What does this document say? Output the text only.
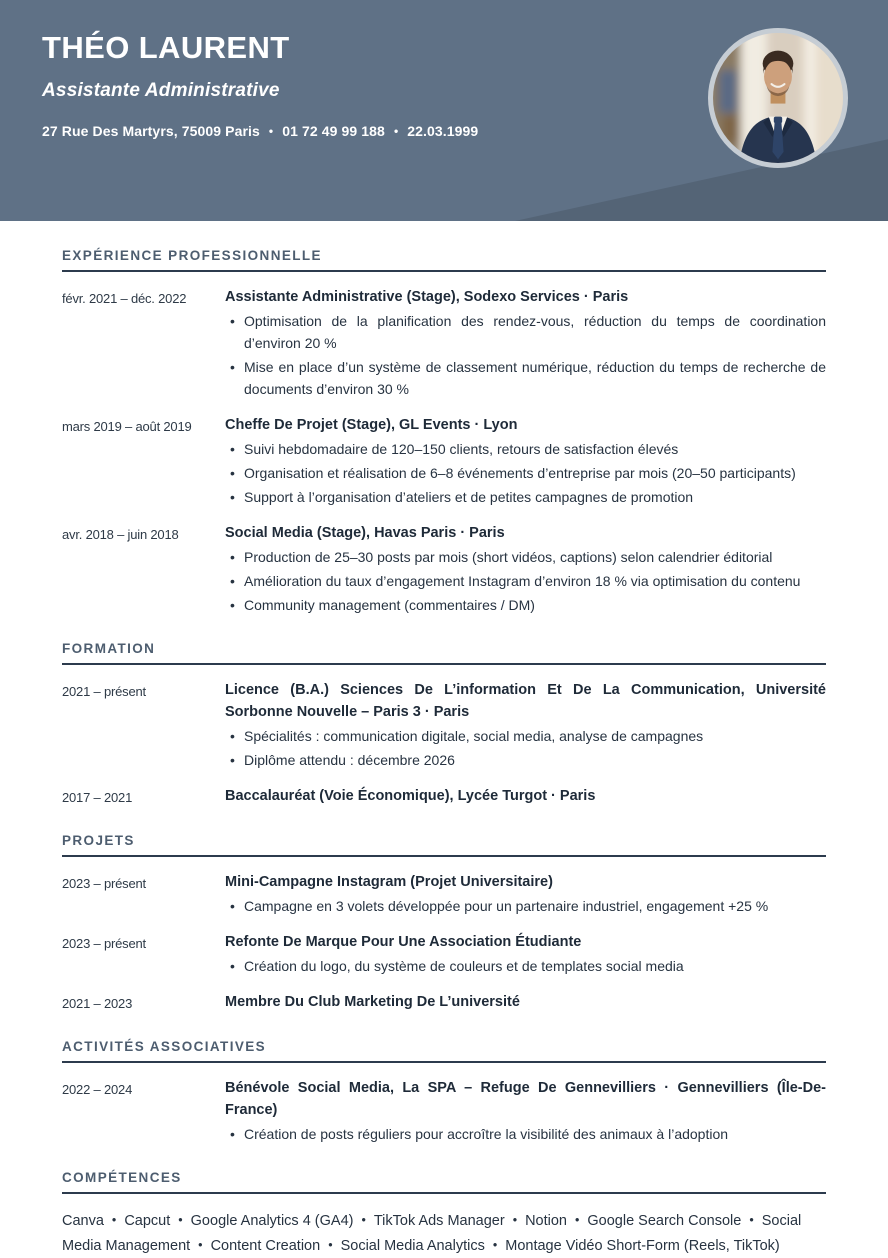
THÉO LAURENT
Assistante Administrative
27 Rue Des Martyrs, 75009 Paris • 01 72 49 99 188 • 22.03.1999
EXPÉRIENCE PROFESSIONNELLE
févr. 2021 – déc. 2022	Assistante Administrative (Stage), Sodexo Services · Paris
• Optimisation de la planification des rendez-vous, réduction du temps de coordination d’environ 20 %
• Mise en place d’un système de classement numérique, réduction du temps de recherche de documents d’environ 30 %
mars 2019 – août 2019	Cheffe De Projet (Stage), GL Events · Lyon
• Suivi hebdomadaire de 120–150 clients, retours de satisfaction élevés
• Organisation et réalisation de 6–8 événements d’entreprise par mois (20–50 participants)
• Support à l’organisation d’ateliers et de petites campagnes de promotion
avr. 2018 – juin 2018	Social Media (Stage), Havas Paris · Paris
• Production de 25–30 posts par mois (short vidéos, captions) selon calendrier éditorial
• Amélioration du taux d’engagement Instagram d’environ 18 % via optimisation du contenu
• Community management (commentaires / DM)
FORMATION
2021 – présent	Licence (B.A.) Sciences De L’information Et De La Communication, Université Sorbonne Nouvelle – Paris 3 · Paris
• Spécialités : communication digitale, social media, analyse de campagnes
• Diplôme attendu : décembre 2026
2017 – 2021	Baccalauréat (Voie Économique), Lycée Turgot · Paris
PROJETS
2023 – présent	Mini-Campagne Instagram (Projet Universitaire)
• Campagne en 3 volets développée pour un partenaire industriel, engagement +25 %
2023 – présent	Refonte De Marque Pour Une Association Étudiante
• Création du logo, du système de couleurs et de templates social media
2021 – 2023	Membre Du Club Marketing De L’université
ACTIVITÉS ASSOCIATIVES
2022 – 2024	Bénévole Social Media, La SPA – Refuge De Gennevilliers · Gennevilliers (Île-De-France)
• Création de posts réguliers pour accroître la visibilité des animaux à l’adoption
COMPÉTENCES

Canva • Capcut • Google Analytics 4 (GA4) • TikTok Ads Manager • Notion • Google Search Console • Social Media Management • Content Creation • Social Media Analytics • Montage Vidéo Short-Form (Reels, TikTok)
